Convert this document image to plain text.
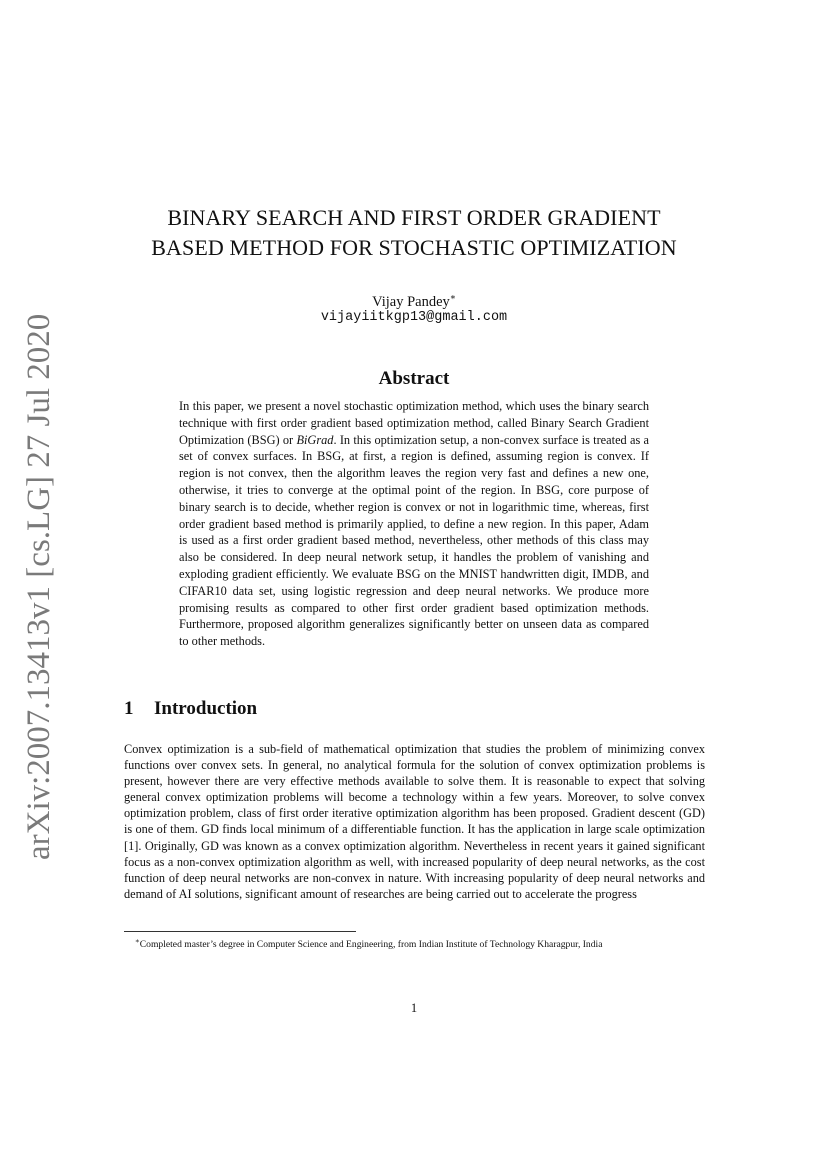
arXiv:2007.13413v1 [cs.LG] 27 Jul 2020
BINARY SEARCH AND FIRST ORDER GRADIENT
BASED METHOD FOR STOCHASTIC OPTIMIZATION
Vijay Pandey∗
vijayiitkgp13@gmail.com
Abstract

In this paper, we present a novel stochastic optimization method, which uses the binary search technique with first order gradient based optimization method, called Binary Search Gradient Optimization (BSG) or BiGrad. In this optimization setup, a non-convex surface is treated as a set of convex surfaces. In BSG, at first, a region is defined, assuming region is convex. If region is not convex, then the algorithm leaves the region very fast and defines a new one, otherwise, it tries to converge at the optimal point of the region. In BSG, core purpose of binary search is to decide, whether region is convex or not in logarithmic time, whereas, first order gradient based method is primarily applied, to define a new region. In this paper, Adam is used as a first order gradient based method, nevertheless, other methods of this class may also be considered. In deep neural network setup, it handles the problem of vanishing and exploding gradient efficiently. We evaluate BSG on the MNIST handwritten digit, IMDB, and CIFAR10 data set, using logistic regression and deep neural networks. We produce more promising results as compared to other first order gradient based optimization methods. Furthermore, proposed algorithm generalizes significantly better on unseen data as compared to other methods.

1 Introduction

Convex optimization is a sub-field of mathematical optimization that studies the problem of minimizing convex functions over convex sets. In general, no analytical formula for the solution of convex optimization problems is present, however there are very effective methods available to solve them. It is reasonable to expect that solving general convex optimization problems will become a technology within a few years. Moreover, to solve convex optimization problem, class of first order iterative optimization algorithm has been proposed. Gradient descent (GD) is one of them. GD finds local minimum of a differentiable function. It has the application in large scale optimization [1]. Originally, GD was known as a convex optimization algorithm. Nevertheless in recent years it gained significant focus as a non-convex optimization algorithm as well, with increased popularity of deep neural networks, as the cost function of deep neural networks are non-convex in nature. With increasing popularity of deep neural networks and demand of AI solutions, significant amount of researches are being carried out to accelerate the progress

∗Completed master’s degree in Computer Science and Engineering, from Indian Institute of Technology Kharagpur, India
1
